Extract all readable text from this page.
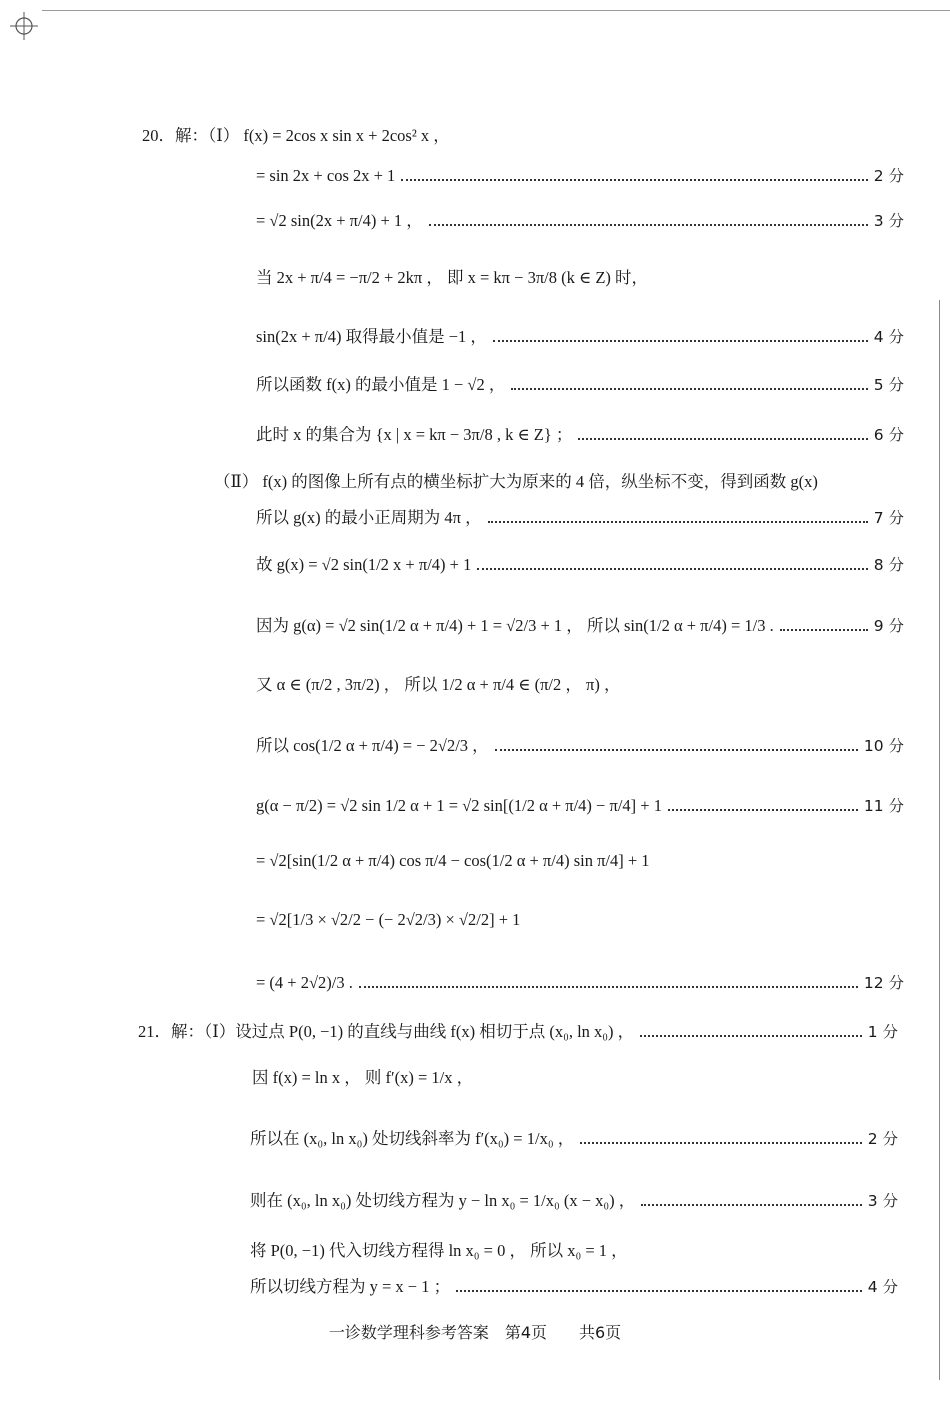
20．解：（Ⅰ） f(x) = 2cos x sin x + 2cos² x ，
= sin 2x + cos 2x + 1	2 分
= √2 sin(2x + π/4) + 1 ，	3 分
当 2x + π/4 = −π/2 + 2kπ ， 即 x = kπ − 3π/8 (k ∈ Z) 时，
sin(2x + π/4) 取得最小值是 −1 ，	4 分
所以函数 f(x) 的最小值是 1 − √2 ，	5 分
此时 x 的集合为 {x | x = kπ − 3π/8 , k ∈ Z} ；	6 分
（Ⅱ） f(x) 的图像上所有点的横坐标扩大为原来的 4 倍，纵坐标不变，得到函数 g(x)
所以 g(x) 的最小正周期为 4π ，	7 分
故 g(x) = √2 sin(1/2 x + π/4) + 1	8 分
因为 g(α) = √2 sin(1/2 α + π/4) + 1 = √2/3 + 1 ， 所以 sin(1/2 α + π/4) = 1/3 .	9 分
又 α ∈ (π/2 , 3π/2) ， 所以 1/2 α + π/4 ∈ (π/2 ， π) ，
所以 cos(1/2 α + π/4) = − 2√2/3 ，	10 分
g(α − π/2) = √2 sin 1/2 α + 1 = √2 sin[(1/2 α + π/4) − π/4] + 1	11 分
= √2[sin(1/2 α + π/4) cos π/4 − cos(1/2 α + π/4) sin π/4] + 1
= √2[1/3 × √2/2 − (− 2√2/3) × √2/2] + 1
= (4 + 2√2)/3 .	12 分
21．解：（Ⅰ）设过点 P(0, −1) 的直线与曲线 f(x) 相切于点 (x₀, ln x₀) ，	1 分
因 f(x) = ln x ， 则 f′(x) = 1/x ，
所以在 (x₀, ln x₀) 处切线斜率为 f′(x₀) = 1/x₀ ，	2 分
则在 (x₀, ln x₀) 处切线方程为 y − ln x₀ = 1/x₀ (x − x₀) ，	3 分
将 P(0, −1) 代入切线方程得 ln x₀ = 0 ， 所以 x₀ = 1 ，
所以切线方程为 y = x − 1 ；	4 分
一诊数学理科参考答案　第4页　　共6页
